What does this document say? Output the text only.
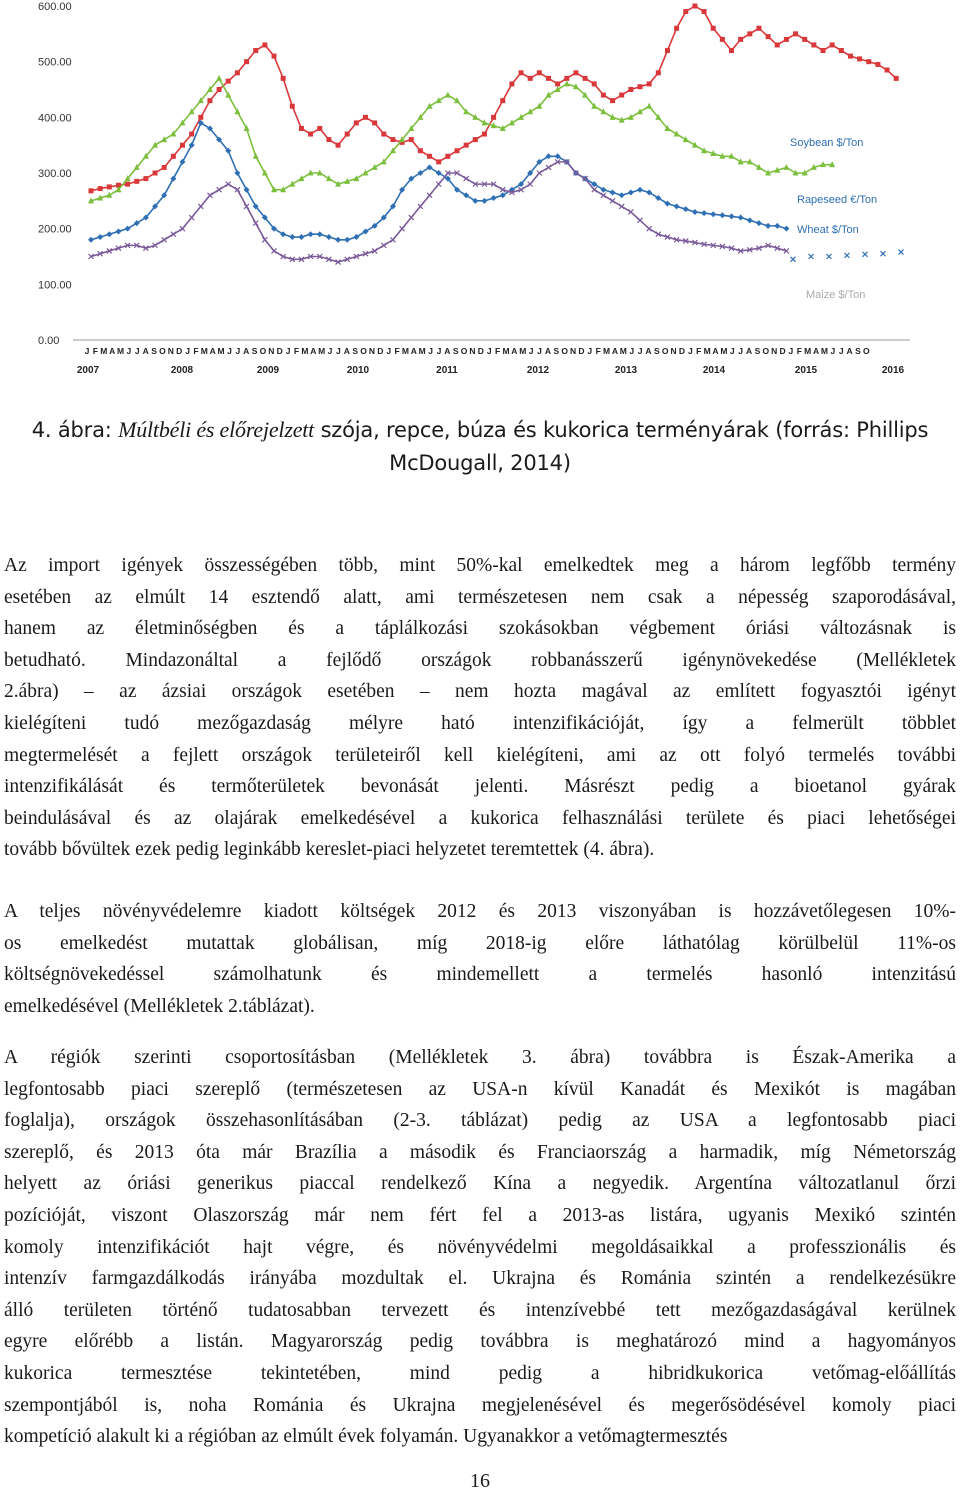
600.00
500.00
400.00
300.00
200.00
100.00
0.00
J F M A M J J A S O N D J F M A M J J A S O N D J F M A M J J A S O N D J F M A M J J A S O N D J F M A M J J A S O N D J F M A M J J A S O N D J F M A M J J A S O N D J F M A M J J A S O
2007	2008	2009	2010	2011	2012	2013	2014	2015	2016
Soybean $/Ton
Rapeseed €/Ton
Wheat $/Ton
Maize $/Ton
4. ábra: Múltbéli és előrejelzett szója, repce, búza és kukorica terményárak (forrás: Phillips
McDougall, 2014)
Az import igények összességében több, mint 50%-kal emelkedtek meg a három legfőbb termény
esetében az elmúlt 14 esztendő alatt, ami természetesen nem csak a népesség szaporodásával,
hanem az életminőségben és a táplálkozási szokásokban végbement óriási változásnak is
betudható. Mindazonáltal a fejlődő országok robbanásszerű igénynövekedése (Mellékletek
2.ábra) – az ázsiai országok esetében – nem hozta magával az említett fogyasztói igényt
kielégíteni tudó mezőgazdaság mélyre ható intenzifikációját, így a felmerült többlet
megtermelését a fejlett országok területeiről kell kielégíteni, ami az ott folyó termelés további
intenzifikálását és termőterületek bevonását jelenti. Másrészt pedig a bioetanol gyárak
beindulásával és az olajárak emelkedésével a kukorica felhasználási területe és piaci lehetőségei
tovább bővültek ezek pedig leginkább kereslet-piaci helyzetet teremtettek (4. ábra).
A teljes növényvédelemre kiadott költségek 2012 és 2013 viszonyában is hozzávetőlegesen 10%-
os emelkedést mutattak globálisan, míg 2018-ig előre láthatólag körülbelül 11%-os
költségnövekedéssel számolhatunk és mindemellett a termelés hasonló intenzitású
emelkedésével (Mellékletek 2.táblázat).
A régiók szerinti csoportosításban (Mellékletek 3. ábra) továbbra is Észak-Amerika a
legfontosabb piaci szereplő (természetesen az USA-n kívül Kanadát és Mexikót is magában
foglalja), országok összehasonlításában (2-3. táblázat) pedig az USA a legfontosabb piaci
szereplő, és 2013 óta már Brazília a második és Franciaország a harmadik, míg Németország
helyett az óriási generikus piaccal rendelkező Kína a negyedik. Argentína változatlanul őrzi
pozícióját, viszont Olaszország már nem fért fel a 2013-as listára, ugyanis Mexikó szintén
komoly intenzifikációt hajt végre, és növényvédelmi megoldásaikkal a professzionális és
intenzív farmgazdálkodás irányába mozdultak el. Ukrajna és Románia szintén a rendelkezésükre
álló területen történő tudatosabban tervezett és intenzívebbé tett mezőgazdaságával kerülnek
egyre előrébb a listán. Magyarország pedig továbbra is meghatározó mind a hagyományos
kukorica termesztése tekintetében, mind pedig a hibridkukorica vetőmag-előállítás
szempontjából is, noha Románia és Ukrajna megjelenésével és megerősödésével komoly piaci
kompetíció alakult ki a régióban az elmúlt évek folyamán. Ugyanakkor a vetőmagtermesztés
16
